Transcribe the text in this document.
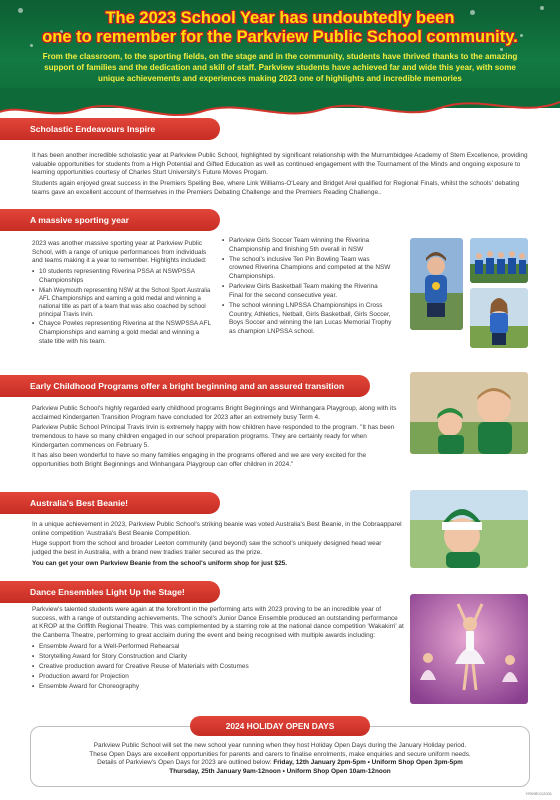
The 2023 School Year has undoubtedly been
one to remember for the Parkview Public School community.
From the classroom, to the sporting fields, on the stage and in the community, students have thrived thanks to the amazing support of families and the dedication and skill of staff. Parkview students have achieved far and wide this year, with some unique achievements and experiences making 2023 one of highlights and incredible memories
Scholastic Endeavours Inspire

It has been another incredible scholastic year at Parkview Public School, highlighted by significant relationship with the Murrumbidgee Academy of Stem Excellence, providing valuable opportunities for students from a High Potential and Gifted Education as well as continued engagement with the Tournament of the Minds and ongoing exposure to learning opportunities courtesy of Charles Sturt University's Future Moves Progam.

Students again enjoyed great success in the Premiers Spelling Bee, where Link Williams-O'Leary and Bridget Arel qualified for Regional Finals, whilst the schools' debating teams gave an excellent account of themselves in the Premiers Debating Challenge and the Premiers Reading Challenge..

A massive sporting year

2023 was another massive sporting year at Parkview Public School, with a range of unique performances from individuals and teams making it a year to remember. Highlights included:

• 10 students representing Riverina PSSA at NSWPSSA Championships
• Miah Weymouth representing NSW at the School Sport Australia AFL Championships and earning a gold medal and winning a national title as part of a team that was also coached by school principal Travis Irvin.
• Chayce Powles representing Riverina at the NSWPSSA AFL Championships and earning a gold medal and winning a state title with his team.
• Parkview Girls Soccer Team winning the Riverina Championship and finishing 5th overall in NSW
• The school's inclusive Ten Pin Bowling Team was crowned Riverina Champions and competed at the NSW Championships.
• Parkview Girls Basketball Team making the Riverina Final for the second consecutive year.
• The school winning LNPSSA Championships in Cross Country, Athletics, Netball, Girls Basketball, Girls Soccer, Boys Soccer and winning the Ian Lucas Memorial Trophy as champion LNPSSA school.
Early Childhood Programs offer a bright beginning and an assured transition

Parkview Public School's highly regarded early childhood programs Bright Beginnings and Winhangara Playgroup, along with its acclaimed Kindergarten Transition Program have concluded for 2023 after an extremely busy Term 4.

Parkview Public School Principal Travis Irvin is extremely happy with how children have responded to the program. "It has been tremendous to have so many children engaged in our school preparation programs. They are certainly ready for when Kindergarten commences on February 5.

It has also been wonderful to have so many families engaging in the programs offered and we are very excited for the opportunities both Bright Beginnings and Winhangara Playgroup can offer children in 2024."

Australia's Best Beanie!

In a unique achievement in 2023, Parkview Public School's striking beanie was voted Australia's Best Beanie, in the Cobraapparel online competition 'Australia's Best Beanie Competition.

Huge support from the school and broader Leeton community (and beyond) saw the school's uniquely designed head wear judged the best in Australia, with a brand new tradies trailer secured as the prize.

You can get your own Parkview Beanie from the school's uniform shop for just $25.

Dance Ensembles Light Up the Stage!

Parkview's talented students were again at the forefront in the performing arts with 2023 proving to be an incredible year of success, with a range of outstanding achievements. The school's Junior Dance Ensemble produced an outstanding performance at KROP at the Griffith Regional Theatre. This was complemented by a starring role at the national dance competition 'Wakakirri' at the Canberra Theatre, performing to great acclaim during the event and being recognised with multiple awards including:

• Ensemble Award for a Well-Performed Rehearsal
• Storytelling Award for Story Construction and Clarity
• Creative production award for Creative Reuse of Materials with Costumes
• Production award for Projection
• Ensemble Award for Choreography
2024 HOLIDAY OPEN DAYS
Parkview Public School will set the new school year running when they host Holiday Open Days during the January Holiday period.
These Open Days are excellent opportunities for parents and carers to finalise enrolments, make enquiries and secure uniform needs.
Details of Parkview's Open Days for 2023 are outlined below: Friday, 12th January 2pm-5pm • Uniform Shop Open 3pm-5pm
Thursday, 25th January 9am-12noon • Uniform Shop Open 10am-12noon
YR09EX12031
